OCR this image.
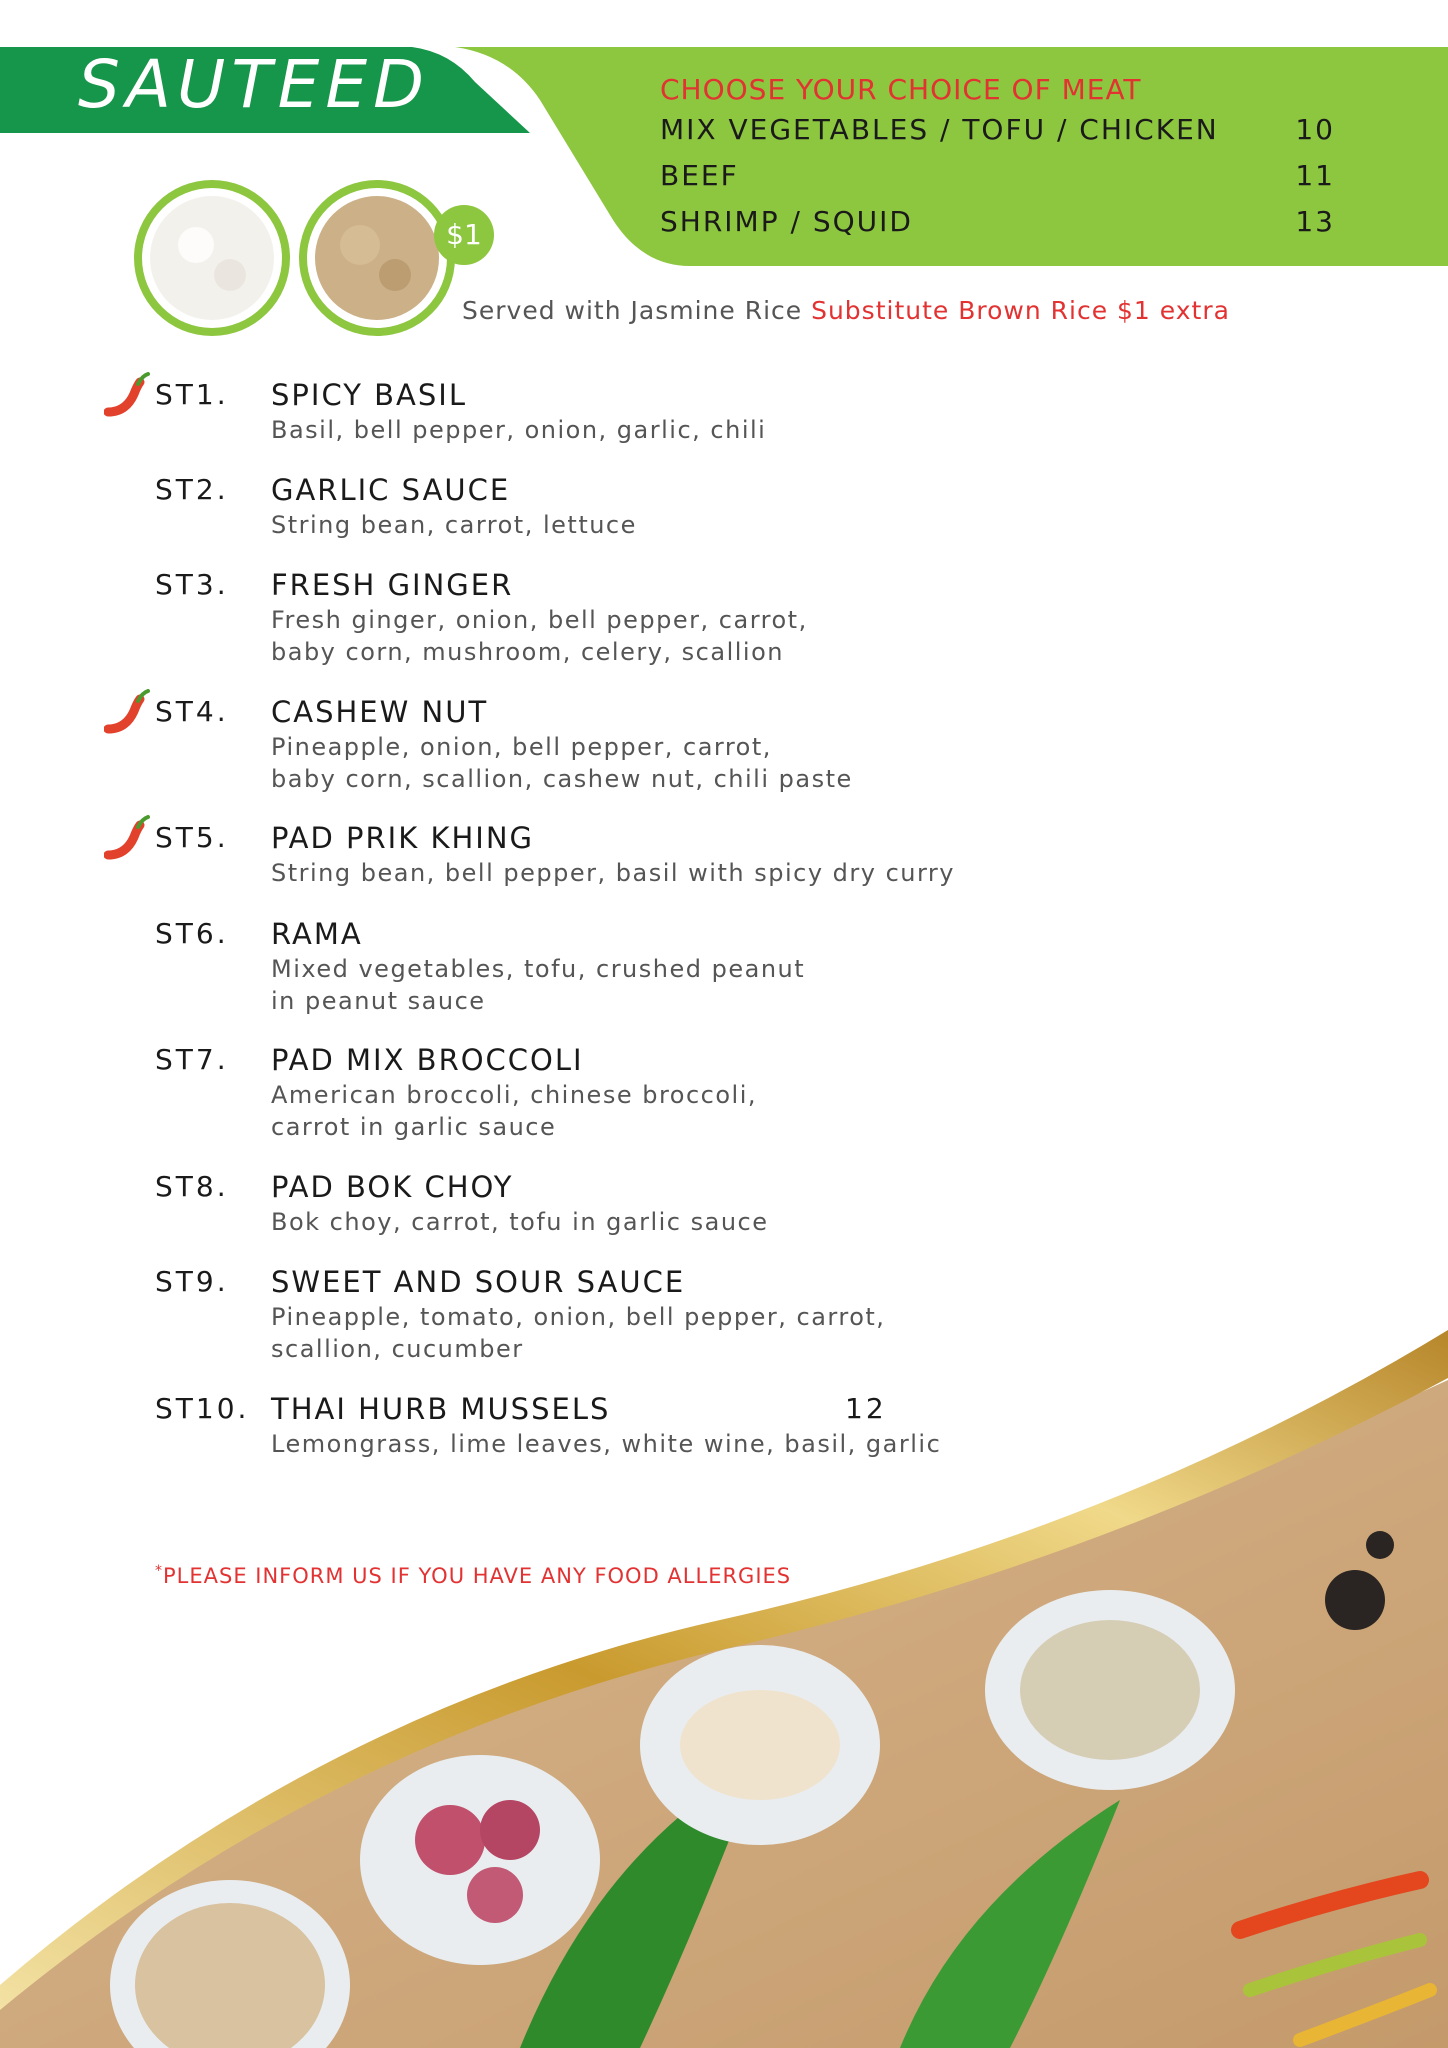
SAUTEED	CHOOSE YOUR CHOICE OF MEAT
MIX VEGETABLES / TOFU / CHICKEN	10
BEEF	11
SHRIMP / SQUID	13
$1
Served with Jasmine Rice Substitute Brown Rice $1 extra
ST1. SPICY BASIL
Basil, bell pepper, onion, garlic, chili
ST2. GARLIC SAUCE
String bean, carrot, lettuce
ST3. FRESH GINGER
Fresh ginger, onion, bell pepper, carrot,
baby corn, mushroom, celery, scallion
ST4. CASHEW NUT
Pineapple, onion, bell pepper, carrot,
baby corn, scallion, cashew nut, chili paste
ST5. PAD PRIK KHING
String bean, bell pepper, basil with spicy dry curry
ST6. RAMA
Mixed vegetables, tofu, crushed peanut
in peanut sauce
ST7. PAD MIX BROCCOLI
American broccoli, chinese broccoli,
carrot in garlic sauce
ST8. PAD BOK CHOY
Bok choy, carrot, tofu in garlic sauce
ST9. SWEET AND SOUR SAUCE
Pineapple, tomato, onion, bell pepper, carrot,
scallion, cucumber
ST10. THAI HURB MUSSELS	12
Lemongrass, lime leaves, white wine, basil, garlic
*PLEASE INFORM US IF YOU HAVE ANY FOOD ALLERGIES
